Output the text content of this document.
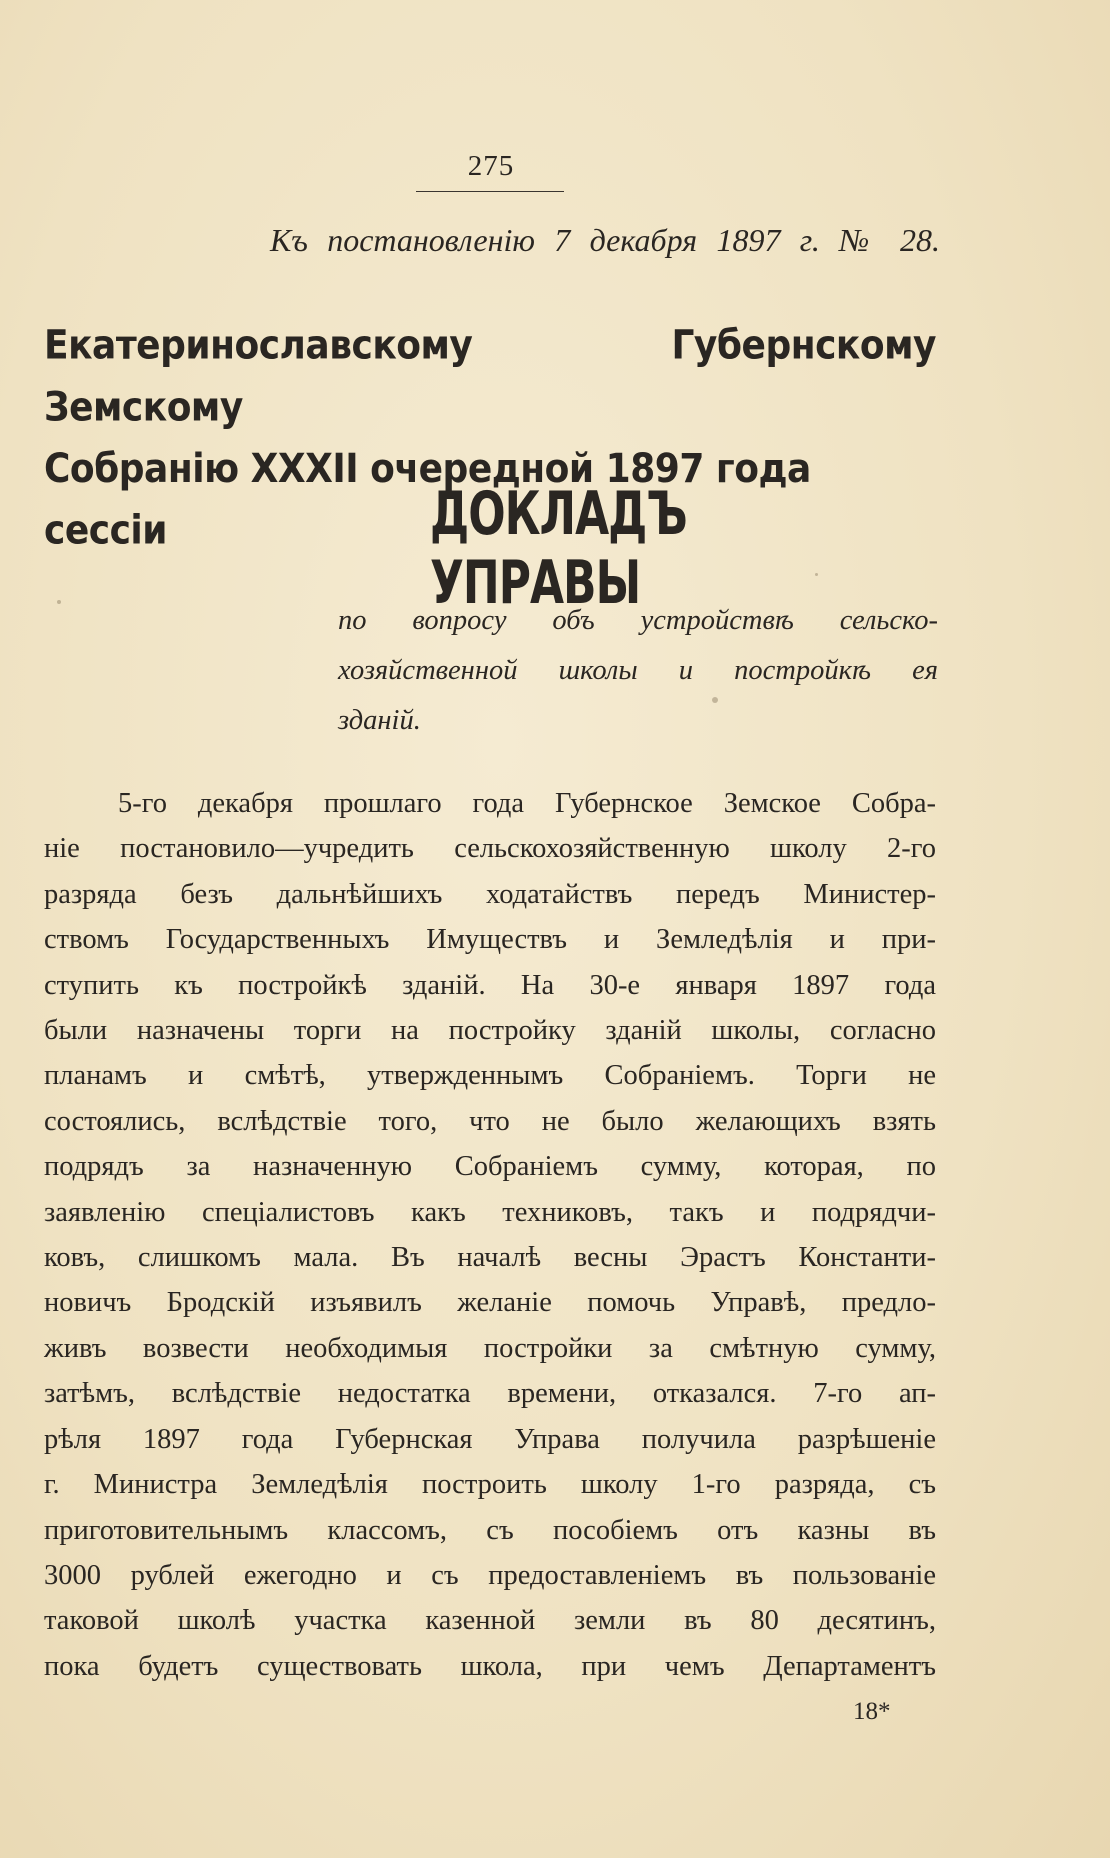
275
Къ постановленію 7 декабря 1897 г. № 28.
Екатеринославскому Губернскому Земскому
Собранію XXXII очередной 1897 года сессіи	ДОКЛАДЪ УПРАВЫ
по вопросу объ устройствѣ сельско-
хозяйственной школы и постройкѣ ея
зданій.
5-го декабря прошлаго года Губернское Земское Собра-
ніе постановило—учредить сельскохозяйственную школу 2-го
разряда безъ дальнѣйшихъ ходатайствъ передъ Министер-
ствомъ Государственныхъ Имуществъ и Земледѣлія и при-
ступить къ постройкѣ зданій. На 30-е января 1897 года
были назначены торги на постройку зданій школы, согласно
планамъ и смѣтѣ, утвержденнымъ Собраніемъ. Торги не
состоялись, вслѣдствіе того, что не было желающихъ взять
подрядъ за назначенную Собраніемъ сумму, которая, по
заявленію спеціалистовъ какъ техниковъ, такъ и подрядчи-
ковъ, слишкомъ мала. Въ началѣ весны Эрастъ Константи-
новичъ Бродскій изъявилъ желаніе помочь Управѣ, предло-
живъ возвести необходимыя постройки за смѣтную сумму,
затѣмъ, вслѣдствіе недостатка времени, отказался. 7-го ап-
рѣля 1897 года Губернская Управа получила разрѣшеніе
г. Министра Земледѣлія построить школу 1-го разряда, съ
приготовительнымъ классомъ, съ пособіемъ отъ казны въ
3000 рублей ежегодно и съ предоставленіемъ въ пользованіе
таковой школѣ участка казенной земли въ 80 десятинъ,
пока будетъ существовать школа, при чемъ Департаментъ
18*
